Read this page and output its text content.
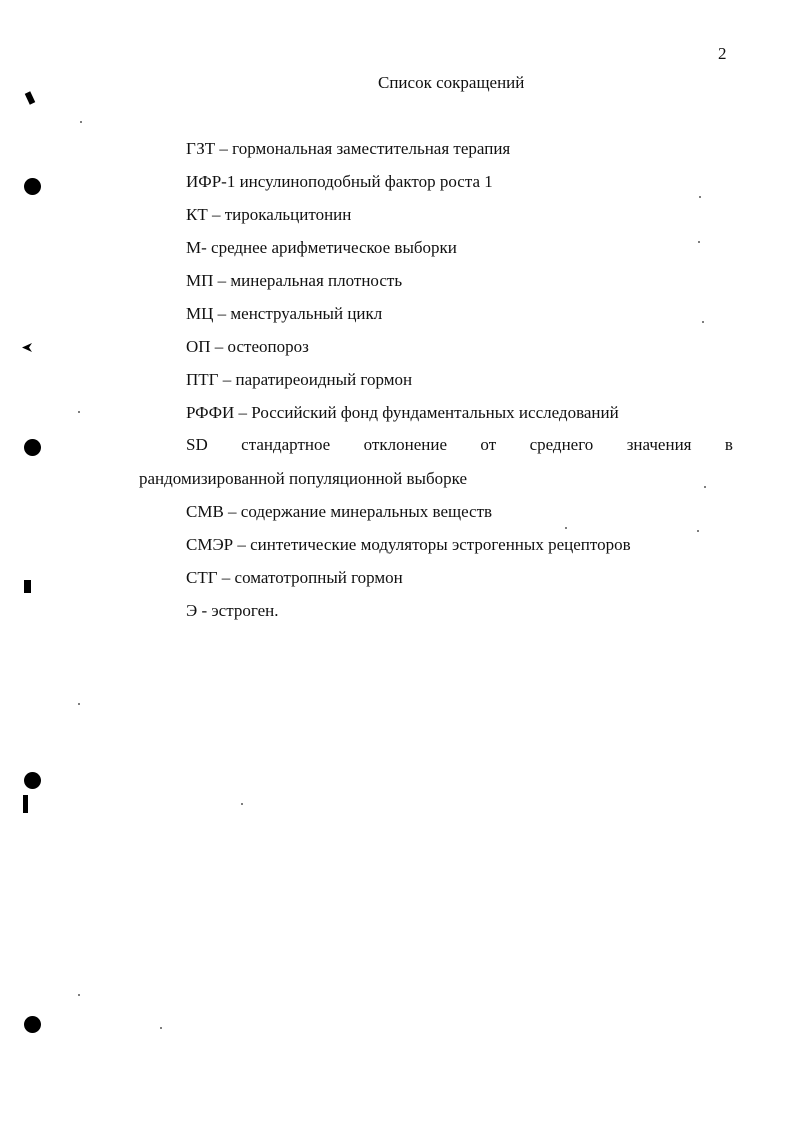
2
Список сокращений
ГЗТ – гормональная заместительная терапия
ИФР-1 инсулиноподобный фактор роста 1
КТ – тирокальцитонин
М- среднее арифметическое выборки
МП – минеральная плотность
МЦ – менструальный цикл
ОП – остеопороз
ПТГ – паратиреоидный гормон
РФФИ – Российский фонд фундаментальных исследований
SD стандартное отклонение от среднего значения в
рандомизированной популяционной выборке
СМВ – содержание минеральных веществ
СМЭР – синтетические модуляторы эстрогенных рецепторов
СТГ – соматотропный гормон
Э - эстроген.
